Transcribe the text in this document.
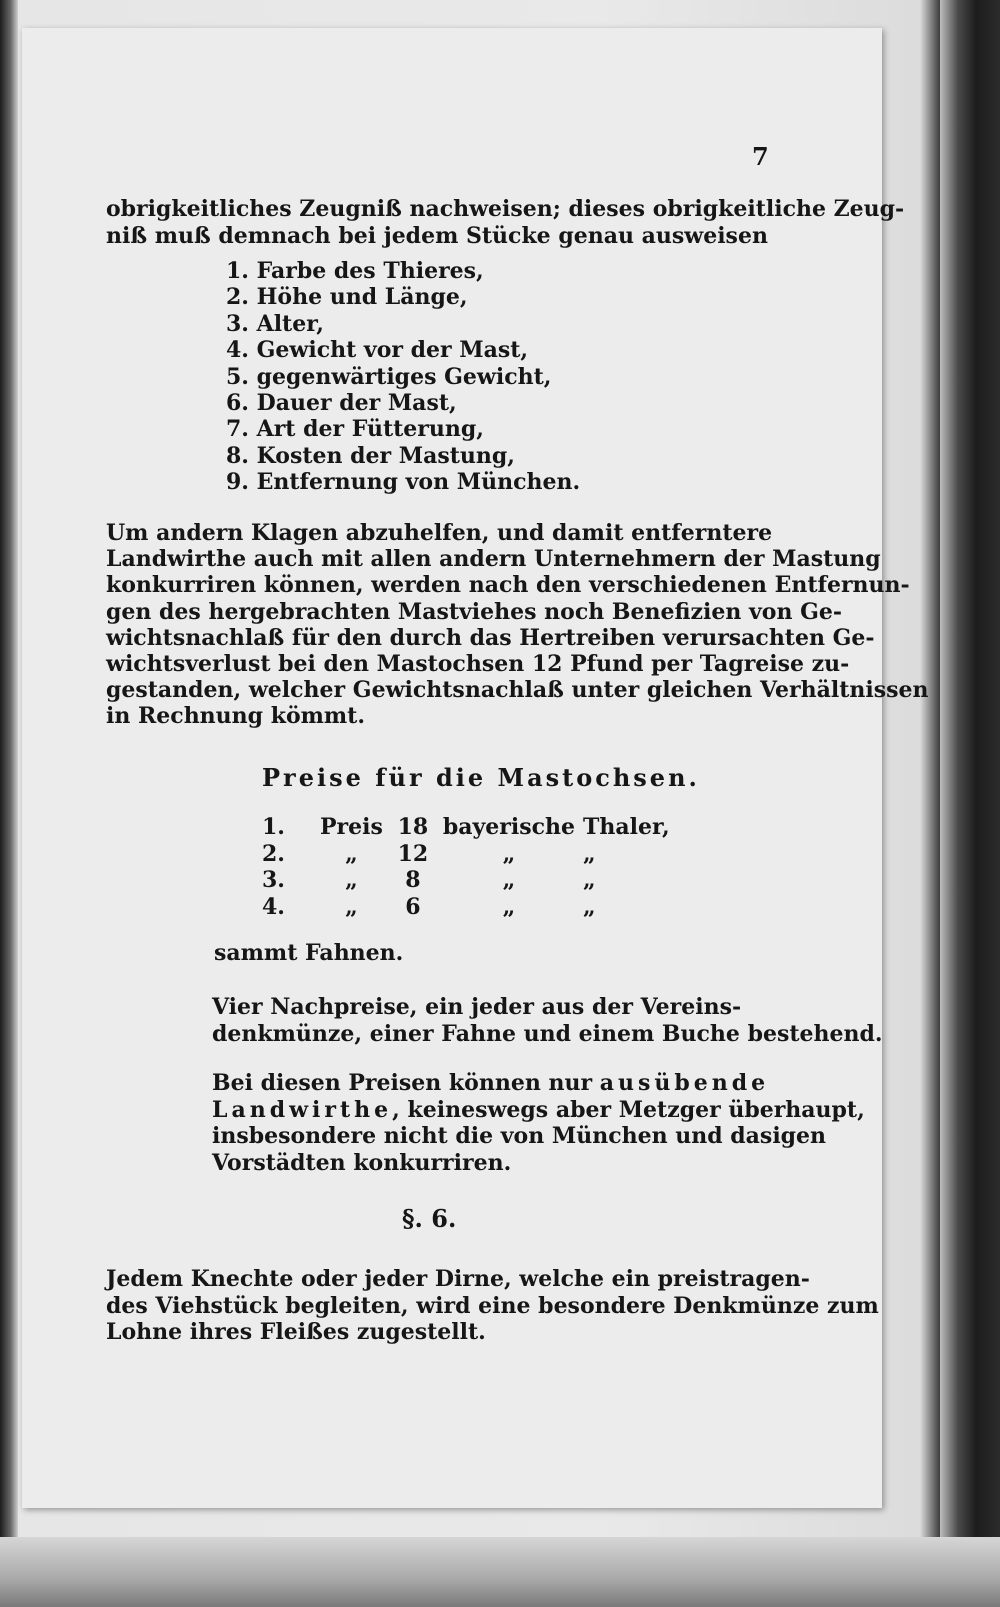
7
obrigkeitliches Zeugniß nachweisen; dieses obrigkeitliche Zeug-
niß muß demnach bei jedem Stücke genau ausweisen
1. Farbe des Thieres,
2. Höhe und Länge,
3. Alter,
4. Gewicht vor der Mast,
5. gegenwärtiges Gewicht,
6. Dauer der Mast,
7. Art der Fütterung,
8. Kosten der Mastung,
9. Entfernung von München.
Um andern Klagen abzuhelfen, und damit entferntere
Landwirthe auch mit allen andern Unternehmern der Mastung
konkurriren können, werden nach den verschiedenen Entfernun-
gen des hergebrachten Mastviehes noch Benefizien von Ge-
wichtsnachlaß für den durch das Hertreiben verursachten Ge-
wichtsverlust bei den Mastochsen 12 Pfund per Tagreise zu-
gestanden, welcher Gewichtsnachlaß unter gleichen Verhältnissen
in Rechnung kömmt.
Preise für die Mastochsen.
1.	Preis	18	bayerische	Thaler,
2.	„	12	„	„
3.	„	8	„	„
4.	„	6	„	„
sammt Fahnen.
Vier Nachpreise, ein jeder aus der Vereins-
denkmünze, einer Fahne und einem Buche bestehend.
Bei diesen Preisen können nur ausübende
Landwirthe, keineswegs aber Metzger überhaupt,
insbesondere nicht die von München und dasigen
Vorstädten konkurriren.
§. 6.
Jedem Knechte oder jeder Dirne, welche ein preistragen-
des Viehstück begleiten, wird eine besondere Denkmünze zum
Lohne ihres Fleißes zugestellt.
